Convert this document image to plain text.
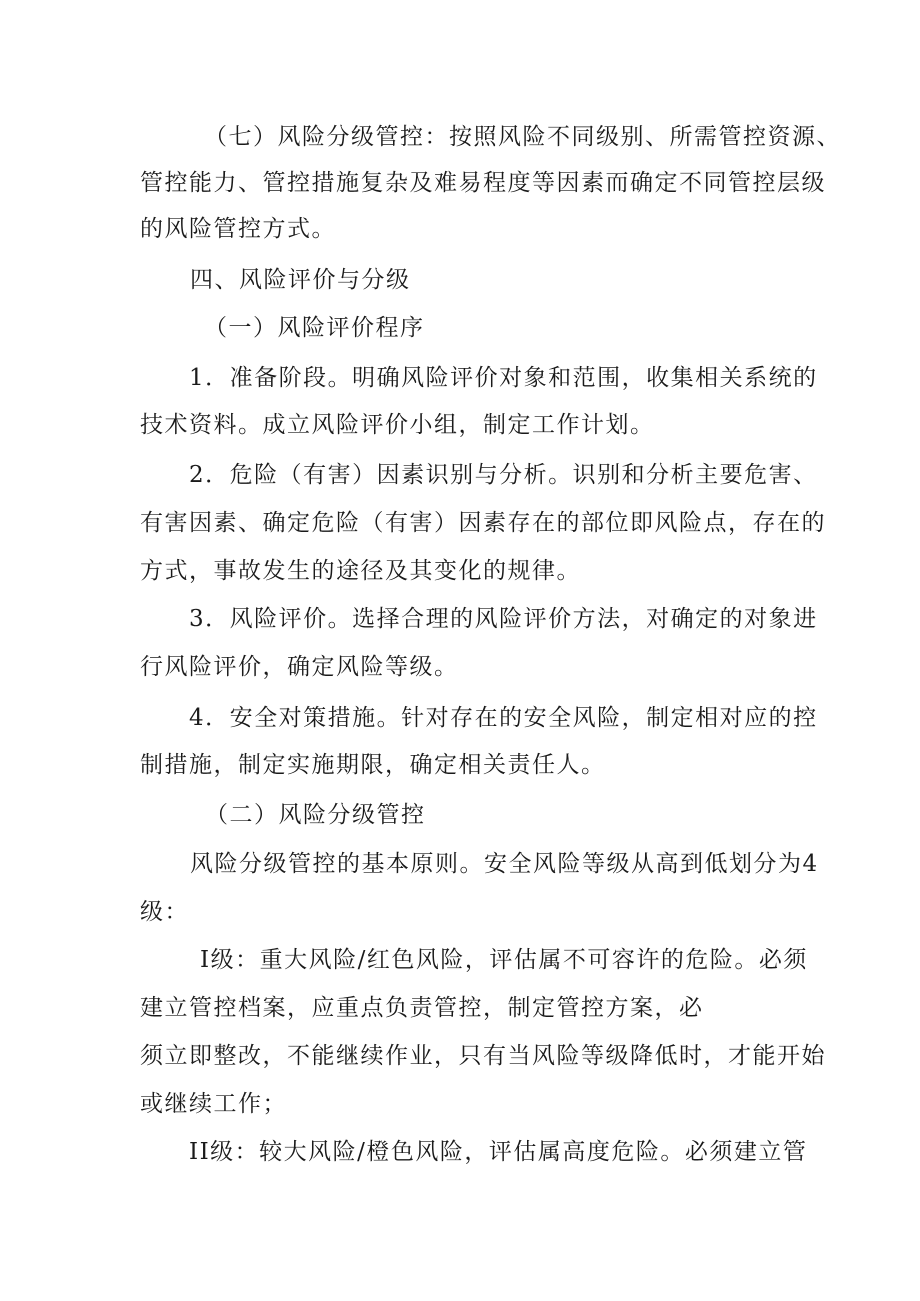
（七）风险分级管控：按照风险不同级别、所需管控资源、
管控能力、管控措施复杂及难易程度等因素而确定不同管控层级
的风险管控方式。
四、风险评价与分级
（一）风险评价程序
1．准备阶段。明确风险评价对象和范围，收集相关系统的
技术资料。成立风险评价小组，制定工作计划。
2．危险（有害）因素识别与分析。识别和分析主要危害、
有害因素、确定危险（有害）因素存在的部位即风险点，存在的
方式，事故发生的途径及其变化的规律。
3．风险评价。选择合理的风险评价方法，对确定的对象进
行风险评价，确定风险等级。
4．安全对策措施。针对存在的安全风险，制定相对应的控
制措施，制定实施期限，确定相关责任人。
（二）风险分级管控
风险分级管控的基本原则。安全风险等级从高到低划分为4
级：
I级：重大风险/红色风险，评估属不可容许的危险。必须
建立管控档案，应重点负责管控，制定管控方案，必
须立即整改，不能继续作业，只有当风险等级降低时，才能开始
或继续工作；
II级：较大风险/橙色风险，评估属高度危险。必须建立管
